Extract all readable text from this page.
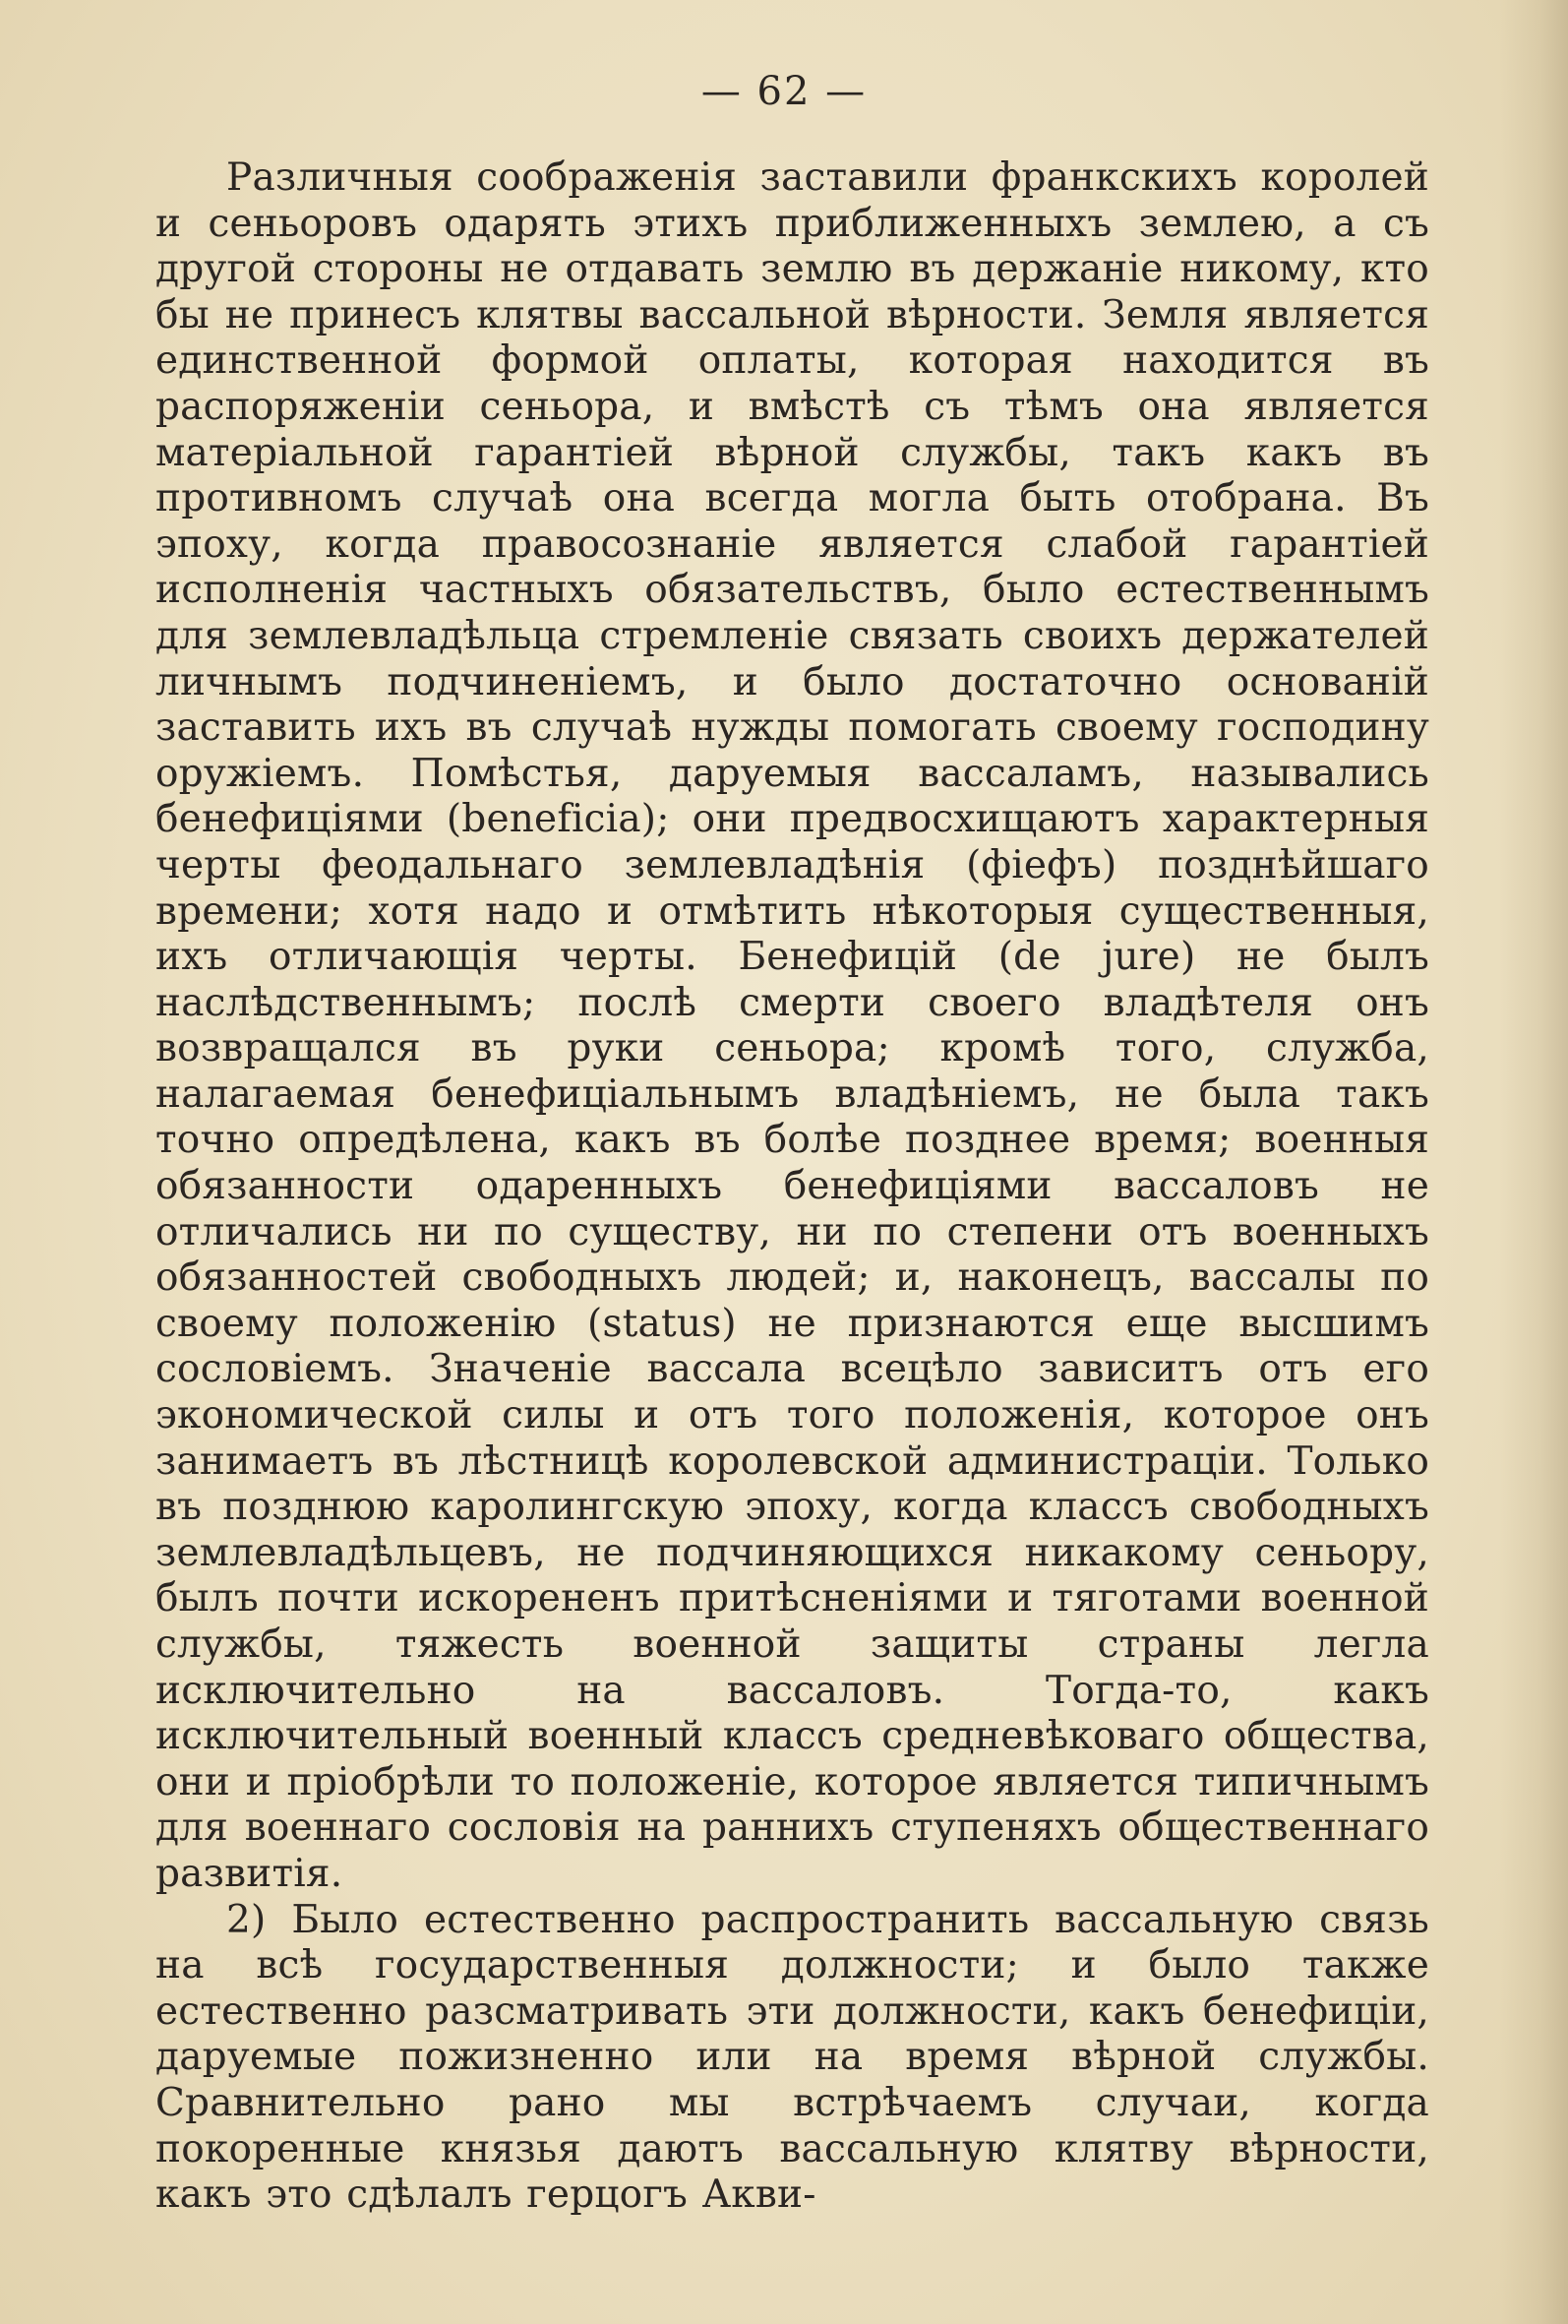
— 62 —

Различныя соображенія заставили франкскихъ королей и сеньоровъ одарять этихъ приближенныхъ землею, а съ другой стороны не отдавать землю въ держаніе никому, кто бы не принесъ клятвы вассальной вѣрности. Земля является единственной формой оплаты, которая находится въ распоряженіи сеньора, и вмѣстѣ съ тѣмъ она является матеріальной гарантіей вѣрной службы, такъ какъ въ противномъ случаѣ она всегда могла быть отобрана. Въ эпоху, когда правосознаніе является слабой гарантіей исполненія частныхъ обязательствъ, было естественнымъ для землевладѣльца стремленіе связать своихъ держателей личнымъ подчиненіемъ, и было достаточно основаній заставить ихъ въ случаѣ нужды помогать своему господину оружіемъ. Помѣстья, даруемыя вассаламъ, назывались бенефиціями (beneficia); они предвосхищаютъ характерныя черты феодальнаго землевладѣнія (фіефъ) позднѣйшаго времени; хотя надо и отмѣтить нѣкоторыя существенныя, ихъ отличающія черты. Бенефицій (de jure) не былъ наслѣдственнымъ; послѣ смерти своего владѣтеля онъ возвращался въ руки сеньора; кромѣ того, служба, налагаемая бенефиціальнымъ владѣніемъ, не была такъ точно опредѣлена, какъ въ болѣе позднее время; военныя обязанности одаренныхъ бенефиціями вассаловъ не отличались ни по существу, ни по степени отъ военныхъ обязанностей свободныхъ людей; и, наконецъ, вассалы по своему положенію (status) не признаются еще высшимъ сословіемъ. Значеніе вассала всецѣло зависитъ отъ его экономической силы и отъ того положенія, которое онъ занимаетъ въ лѣстницѣ королевской администраціи. Только въ позднюю каролингскую эпоху, когда классъ свободныхъ землевладѣльцевъ, не подчиняющихся никакому сеньору, былъ почти искорененъ притѣсненіями и тяготами военной службы, тяжесть военной защиты страны легла исключительно на вассаловъ. Тогда-то, какъ исключительный военный классъ средневѣковаго общества, они и пріобрѣли то положеніе, которое является типичнымъ для военнаго сословія на раннихъ ступеняхъ общественнаго развитія.

2) Было естественно распространить вассальную связь на всѣ государственныя должности; и было также естественно разсматривать эти должности, какъ бенефиціи, даруемые пожизненно или на время вѣрной службы. Сравнительно рано мы встрѣчаемъ случаи, когда покоренные князья даютъ вассальную клятву вѣрности, какъ это сдѣлалъ герцогъ Акви-
